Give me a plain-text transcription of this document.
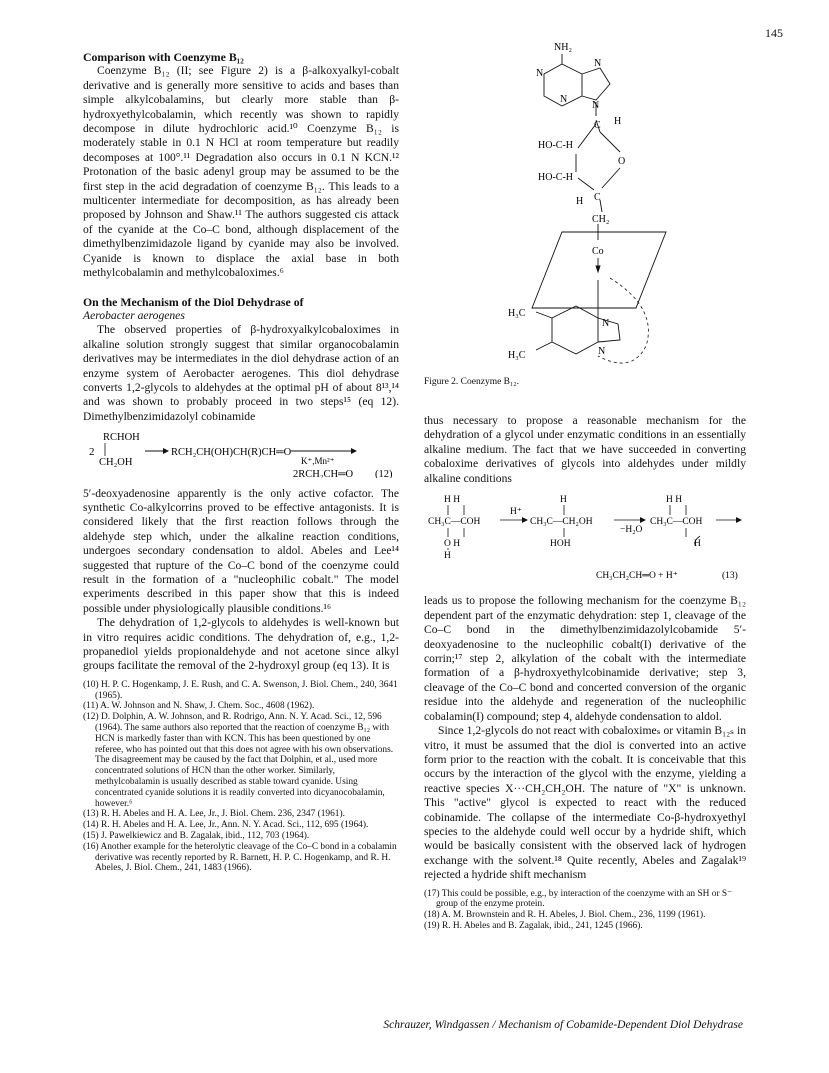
145
Comparison with Coenzyme B₁₂

Coenzyme B₁₂ (II; see Figure 2) is a β-alkoxyalkyl-cobalt derivative and is generally more sensitive to acids and bases than simple alkylcobalamins, but clearly more stable than β-hydroxyethylcobalamin, which recently was shown to rapidly decompose in dilute hydrochloric acid.¹⁰ Coenzyme B₁₂ is moderately stable in 0.1 N HCl at room temperature but readily decomposes at 100°.¹¹ Degradation also occurs in 0.1 N KCN.¹² Protonation of the basic adenyl group may be assumed to be the first step in the acid degradation of coenzyme B₁₂. This leads to a multicenter intermediate for decomposition, as has already been proposed by Johnson and Shaw.¹¹ The authors suggested cis attack of the cyanide at the Co–C bond, although displacement of the dimethylbenzimidazole ligand by cyanide may also be involved. Cyanide is known to displace the axial base in both methylcobalamin and methylcobaloximes.⁶

On the Mechanism of the Diol Dehydrase of
Aerobacter aerogenes

The observed properties of β-hydroxyalkylcobaloximes in alkaline solution strongly suggest that similar organocobalamin derivatives may be intermediates in the diol dehydrase action of an enzyme system of Aerobacter aerogenes. This diol dehydrase converts 1,2-glycols to aldehydes at the optimal pH of about 8¹³,¹⁴ and was shown to probably proceed in two steps¹⁵ (eq 12). Dimethylbenzimidazolyl cobinamide

2
RCHOH
CH₂OH
RCH₂CH(OH)CH(R)CH═O
K⁺,Mn²⁺
2RCH₂CH═O (12)

5′-deoxyadenosine apparently is the only active cofactor. The synthetic Co-alkylcorrins proved to be effective antagonists. It is considered likely that the first reaction follows through the aldehyde step which, under the alkaline reaction conditions, undergoes secondary condensation to aldol. Abeles and Lee¹⁴ suggested that rupture of the Co–C bond of the coenzyme could result in the formation of a "nucleophilic cobalt." The model experiments described in this paper show that this is indeed possible under physiologically plausible conditions.¹⁶

The dehydration of 1,2-glycols to aldehydes is well-known but in vitro requires acidic conditions. The dehydration of, e.g., 1,2-propanediol yields propionaldehyde and not acetone since alkyl groups facilitate the removal of the 2-hydroxyl group (eq 13). It is

(10) H. P. C. Hogenkamp, J. E. Rush, and C. A. Swenson, J. Biol. Chem., 240, 3641 (1965).
(11) A. W. Johnson and N. Shaw, J. Chem. Soc., 4608 (1962).
(12) D. Dolphin, A. W. Johnson, and R. Rodrigo, Ann. N. Y. Acad. Sci., 12, 596 (1964). The same authors also reported that the reaction of coenzyme B₁₂ with HCN is markedly faster than with KCN. This has been questioned by one referee, who has pointed out that this does not agree with his own observations. The disagreement may be caused by the fact that Dolphin, et al., used more concentrated solutions of HCN than the other worker. Similarly, methylcobalamin is usually described as stable toward cyanide. Using concentrated cyanide solutions it is readily converted into dicyanocobalamin, however.⁶
(13) R. H. Abeles and H. A. Lee, Jr., J. Biol. Chem. 236, 2347 (1961).
(14) R. H. Abeles and H. A. Lee, Jr., Ann. N. Y. Acad. Sci., 112, 695 (1964).
(15) J. Pawelkiewicz and B. Zagalak, ibid., 112, 703 (1964).
(16) Another example for the heterolytic cleavage of the Co–C bond in a cobalamin derivative was recently reported by R. Barnett, H. P. C. Hogenkamp, and R. H. Abeles, J. Biol. Chem., 241, 1483 (1966).
NH₂
N
N
N
N
H
C
HO-C-H
O
HO-C-H
C
H
CH₂
Co
H₃C
H₃C
N
N
Figure 2. Coenzyme B₁₂.

thus necessary to propose a reasonable mechanism for the dehydration of a glycol under enzymatic conditions in an essentially alkaline medium. The fact that we have succeeded in converting cobaloxime derivatives of glycols into aldehydes under mildly alkaline conditions

H H
CH₃C—COH
O H
H
H⁺
H
CH₃C—CH₂OH
HOH
−H₂O
H H
CH₃C—COH
H
CH₃CH₂CH═O + H⁺	(13)

leads us to propose the following mechanism for the coenzyme B₁₂ dependent part of the enzymatic dehydration: step 1, cleavage of the Co–C bond in the dimethylbenzimidazolylcobamide 5′-deoxyadenosine to the nucleophilic cobalt(I) derivative of the corrin;¹⁷ step 2, alkylation of the cobalt with the intermediate formation of a β-hydroxyethylcobinamide derivative; step 3, cleavage of the Co–C bond and concerted conversion of the organic residue into the aldehyde and regeneration of the nucleophilic cobalamin(I) compound; step 4, aldehyde condensation to aldol.

Since 1,2-glycols do not react with cobaloximeₛ or vitamin B₁₂ₛ in vitro, it must be assumed that the diol is converted into an active form prior to the reaction with the cobalt. It is conceivable that this occurs by the interaction of the glycol with the enzyme, yielding a reactive species X···CH₂CH₂OH. The nature of "X" is unknown. This "active" glycol is expected to react with the reduced cobinamide. The collapse of the intermediate Co-β-hydroxyethyl species to the aldehyde could well occur by a hydride shift, which would be basically consistent with the observed lack of hydrogen exchange with the solvent.¹⁸ Quite recently, Abeles and Zagalak¹⁹ rejected a hydride shift mechanism

(17) This could be possible, e.g., by interaction of the coenzyme with an SH or S⁻ group of the enzyme protein.
(18) A. M. Brownstein and R. H. Abeles, J. Biol. Chem., 236, 1199 (1961).
(19) R. H. Abeles and B. Zagalak, ibid., 241, 1245 (1966).
Schrauzer, Windgassen / Mechanism of Cobamide-Dependent Diol Dehydrase
